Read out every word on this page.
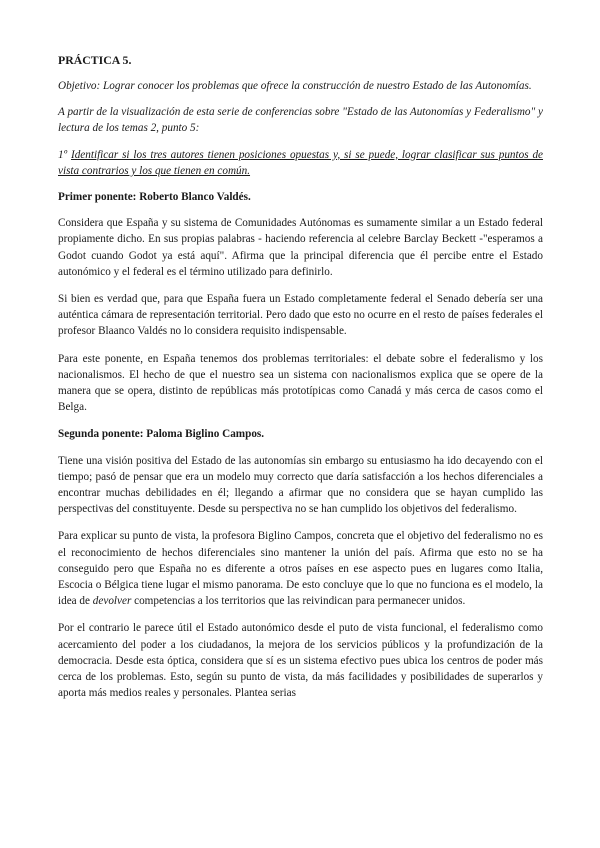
PRÁCTICA 5.

Objetivo: Lograr conocer los problemas que ofrece la construcción de nuestro Estado de las Autonomías.

A partir de la visualización de esta serie de conferencias sobre "Estado de las Autonomías y Federalismo" y lectura de los temas 2, punto 5:

1º Identificar si los tres autores tienen posiciones opuestas y, si se puede, lograr clasificar sus puntos de vista contrarios y los que tienen en común.

Primer ponente: Roberto Blanco Valdés.

Considera que España y su sistema de Comunidades Autónomas es sumamente similar a un Estado federal propiamente dicho. En sus propias palabras - haciendo referencia al celebre Barclay Beckett -"esperamos a Godot cuando Godot ya está aquí". Afirma que la principal diferencia que él percibe entre el Estado autonómico y el federal es el término utilizado para definirlo.

Si bien es verdad que, para que España fuera un Estado completamente federal el Senado debería ser una auténtica cámara de representación territorial. Pero dado que esto no ocurre en el resto de países federales el profesor Blaanco Valdés no lo considera requisito indispensable.

Para este ponente, en España tenemos dos problemas territoriales: el debate sobre el federalismo y los nacionalismos. El hecho de que el nuestro sea un sistema con nacionalismos explica que se opere de la manera que se opera, distinto de repúblicas más prototípicas como Canadá y más cerca de casos como el Belga.

Segunda ponente: Paloma Biglino Campos.

Tiene una visión positiva del Estado de las autonomías sin embargo su entusiasmo ha ido decayendo con el tiempo; pasó de pensar que era un modelo muy correcto que daría satisfacción a los hechos diferenciales a encontrar muchas debilidades en él; llegando a afirmar que no considera que se hayan cumplido las perspectivas del constituyente. Desde su perspectiva no se han cumplido los objetivos del federalismo.

Para explicar su punto de vista, la profesora Biglino Campos, concreta que el objetivo del federalismo no es el reconocimiento de hechos diferenciales sino mantener la unión del país. Afirma que esto no se ha conseguido pero que España no es diferente a otros países en ese aspecto pues en lugares como Italia, Escocia o Bélgica tiene lugar el mismo panorama. De esto concluye que lo que no funciona es el modelo, la idea de devolver competencias a los territorios que las reivindican para permanecer unidos.

Por el contrario le parece útil el Estado autonómico desde el puto de vista funcional, el federalismo como acercamiento del poder a los ciudadanos, la mejora de los servicios públicos y la profundización de la democracia. Desde esta óptica, considera que sí es un sistema efectivo pues ubica los centros de poder más cerca de los problemas. Esto, según su punto de vista, da más facilidades y posibilidades de superarlos y aporta más medios reales y personales. Plantea serias
